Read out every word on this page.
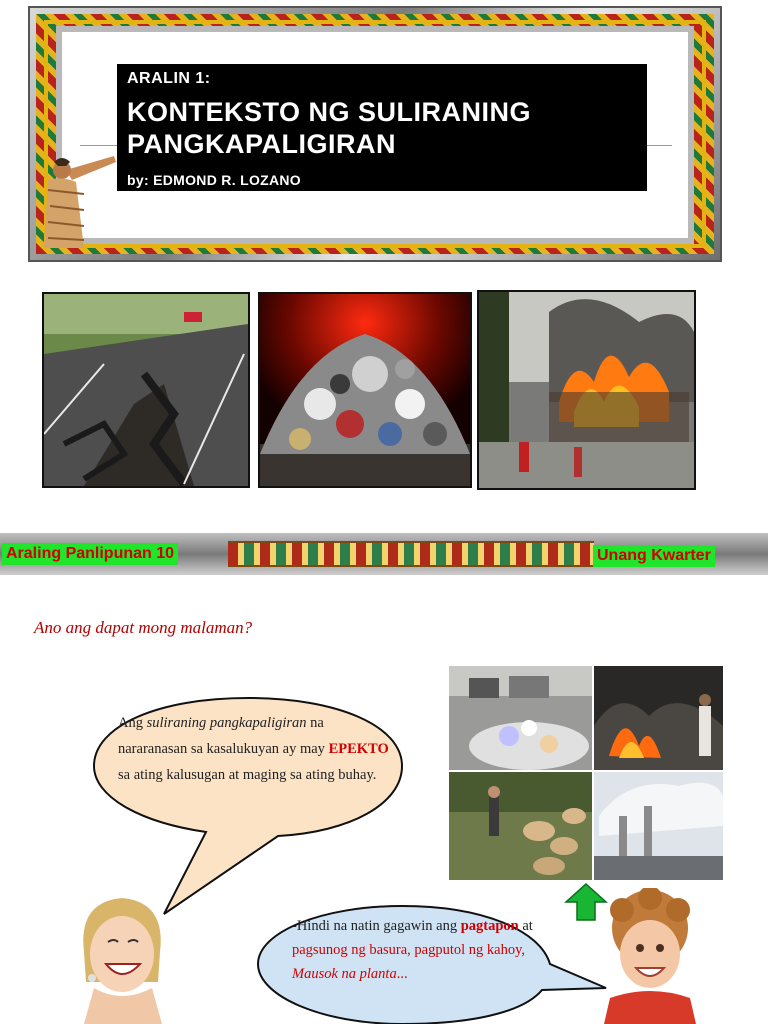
ARALIN 1:
KONTEKSTO NG SULIRANING
PANGKAPALIGIRAN
by: EDMOND R. LOZANO
Araling Panlipunan 10	Unang Kwarter
Ano ang dapat mong malaman?
Ang suliraning pangkapaligiran na nararanasan sa kasalukuyan ay may EPEKTO sa ating kalusugan at maging sa ating buhay.
-Hindi na natin gagawin ang pagtapon at pagsunog ng basura, pagputol ng kahoy, Mausok na planta...
